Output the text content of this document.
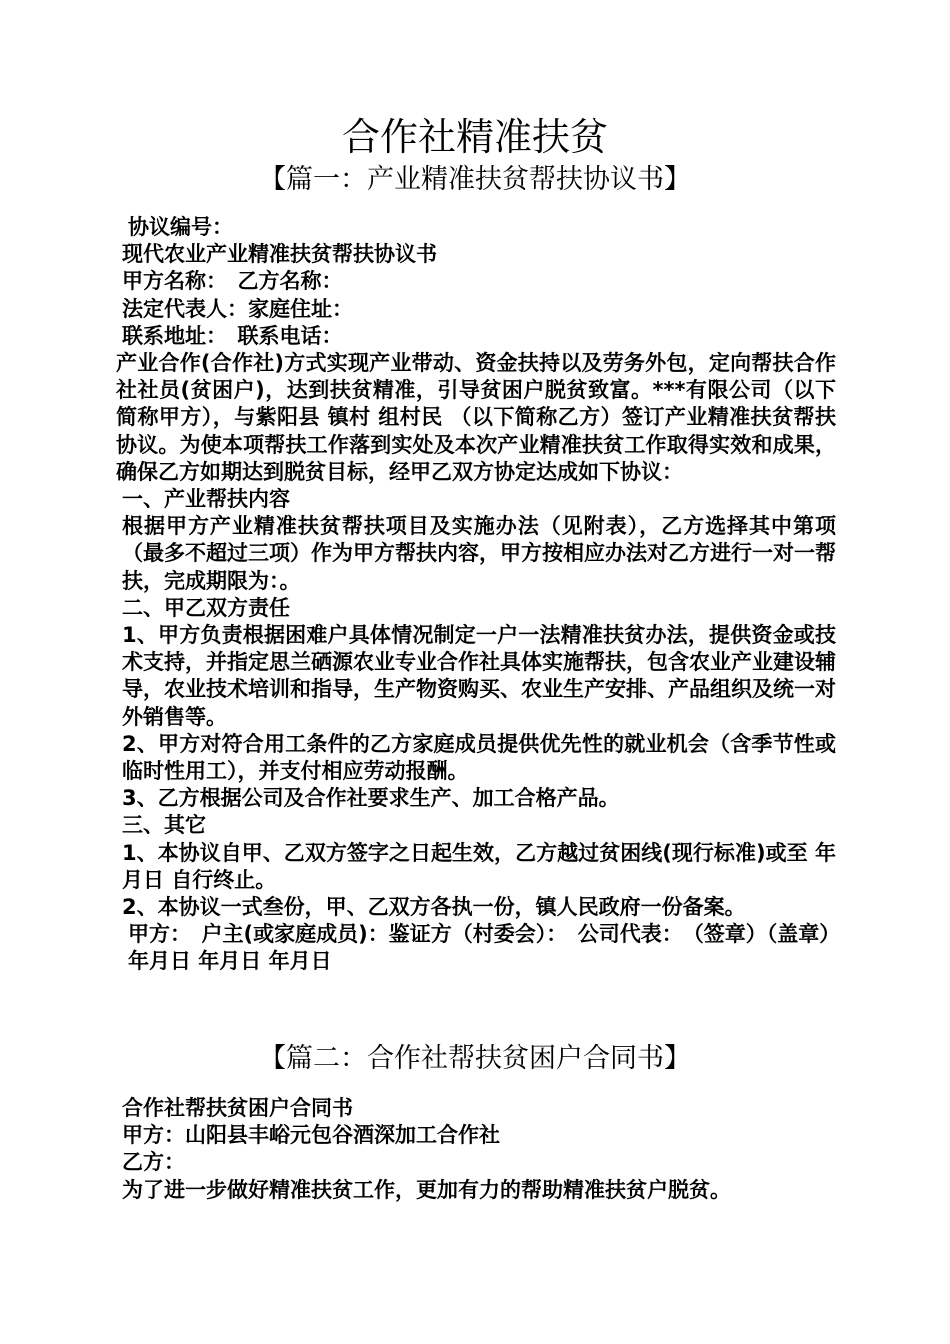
合作社精准扶贫
【篇一：产业精准扶贫帮扶协议书】
协议编号：
现代农业产业精准扶贫帮扶协议书
甲方名称：　乙方名称：
法定代表人：家庭住址：
联系地址：　联系电话：
产业合作(合作社)方式实现产业带动、资金扶持以及劳务外包，定向帮扶合作社社员(贫困户)，达到扶贫精准，引导贫困户脱贫致富。***有限公司（以下简称甲方），与紫阳县 镇村 组村民 （以下简称乙方）签订产业精准扶贫帮扶协议。为使本项帮扶工作落到实处及本次产业精准扶贫工作取得实效和成果，确保乙方如期达到脱贫目标，经甲乙双方协定达成如下协议：
一、产业帮扶内容
根据甲方产业精准扶贫帮扶项目及实施办法（见附表），乙方选择其中第项（最多不超过三项）作为甲方帮扶内容，甲方按相应办法对乙方进行一对一帮扶，完成期限为：。
二、甲乙双方责任
1、甲方负责根据困难户具体情况制定一户一法精准扶贫办法，提供资金或技术支持，并指定思兰硒源农业专业合作社具体实施帮扶，包含农业产业建设辅导，农业技术培训和指导，生产物资购买、农业生产安排、产品组织及统一对外销售等。
2、甲方对符合用工条件的乙方家庭成员提供优先性的就业机会（含季节性或临时性用工），并支付相应劳动报酬。
3、乙方根据公司及合作社要求生产、加工合格产品。
三、其它
1、本协议自甲、乙双方签字之日起生效，乙方越过贫困线(现行标准)或至 年月日 自行终止。
2、本协议一式叁份，甲、乙双方各执一份，镇人民政府一份备案。
甲方：　户主(或家庭成员)：鉴证方（村委会）：　公司代表：　（签章）（盖章）
年月日 年月日 年月日
【篇二：合作社帮扶贫困户合同书】
合作社帮扶贫困户合同书
甲方：山阳县丰峪元包谷酒深加工合作社
乙方：
为了进一步做好精准扶贫工作，更加有力的帮助精准扶贫户脱贫。
